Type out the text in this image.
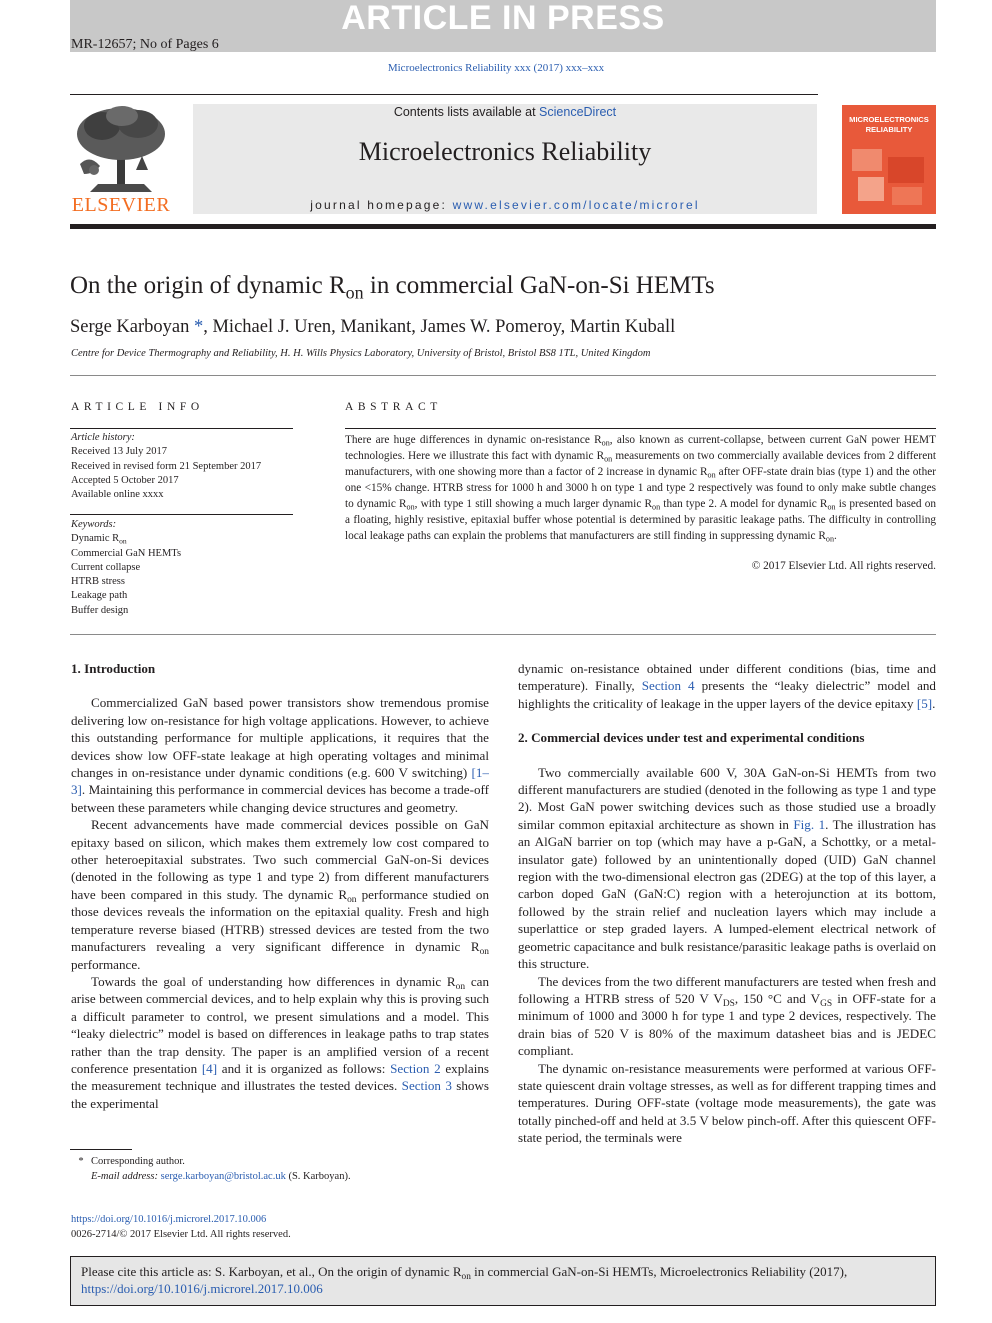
ARTICLE IN PRESS
MR-12657; No of Pages 6
Microelectronics Reliability xxx (2017) xxx–xxx
ELSEVIER
Contents lists available at ScienceDirect
Microelectronics Reliability
journal homepage: www.elsevier.com/locate/microrel
MICROELECTRONICS
RELIABILITY
On the origin of dynamic $R_{on}$ in commercial GaN-on-Si HEMTs
Serge Karboyan *, Michael J. Uren, Manikant, James W. Pomeroy, Martin Kuball
Centre for Device Thermography and Reliability, H. H. Wills Physics Laboratory, University of Bristol, Bristol BS8 1TL, United Kingdom
ARTICLE INFO
Article history:
Received 13 July 2017
Received in revised form 21 September 2017
Accepted 5 October 2017
Available online xxxx
Keywords:
Dynamic $R_{on}$
Commercial GaN HEMTs
Current collapse
HTRB stress
Leakage path
Buffer design
ABSTRACT
There are huge differences in dynamic on-resistance $R_{on}$, also known as current-collapse, between current GaN power HEMT technologies. Here we illustrate this fact with dynamic $R_{on}$ measurements on two commercially available devices from 2 different manufacturers, with one showing more than a factor of 2 increase in dynamic $R_{on}$ after OFF-state drain bias (type 1) and the other one <15% change. HTRB stress for 1000 h and 3000 h on type 1 and type 2 respectively was found to only make subtle changes to dynamic $R_{on}$, with type 1 still showing a much larger dynamic $R_{on}$ than type 2. A model for dynamic $R_{on}$ is presented based on a floating, highly resistive, epitaxial buffer whose potential is determined by parasitic leakage paths. The difficulty in controlling local leakage paths can explain the problems that manufacturers are still finding in suppressing dynamic $R_{on}$.
© 2017 Elsevier Ltd. All rights reserved.
1. Introduction

Commercialized GaN based power transistors show tremendous promise delivering low on-resistance for high voltage applications. However, to achieve this outstanding performance for multiple applications, it requires that the devices show low OFF-state leakage at high operating voltages and minimal changes in on-resistance under dynamic conditions (e.g. 600 V switching) [1–3]. Maintaining this performance in commercial devices has become a trade-off between these parameters while changing device structures and geometry.

Recent advancements have made commercial devices possible on GaN epitaxy based on silicon, which makes them extremely low cost compared to other heteroepitaxial substrates. Two such commercial GaN-on-Si devices (denoted in the following as type 1 and type 2) from different manufacturers have been compared in this study. The dynamic $R_{on}$ performance studied on those devices reveals the information on the epitaxial quality. Fresh and high temperature reverse biased (HTRB) stressed devices are tested from the two manufacturers revealing a very significant difference in dynamic $R_{on}$ performance.

Towards the goal of understanding how differences in dynamic $R_{on}$ can arise between commercial devices, and to help explain why this is proving such a difficult parameter to control, we present simulations and a model. This “leaky dielectric” model is based on differences in leakage paths to trap states rather than the trap density. The paper is an amplified version of a recent conference presentation [4] and it is organized as follows: Section 2 explains the measurement technique and illustrates the tested devices. Section 3 shows the experimental

dynamic on-resistance obtained under different conditions (bias, time and temperature). Finally, Section 4 presents the “leaky dielectric” model and highlights the criticality of leakage in the upper layers of the device epitaxy [5].

2. Commercial devices under test and experimental conditions

Two commercially available 600 V, 30A GaN-on-Si HEMTs from two different manufacturers are studied (denoted in the following as type 1 and type 2). Most GaN power switching devices such as those studied use a broadly similar common epitaxial architecture as shown in Fig. 1. The illustration has an AlGaN barrier on top (which may have a p-GaN, a Schottky, or a metal-insulator gate) followed by an unintentionally doped (UID) GaN channel region with the two-dimensional electron gas (2DEG) at the top of this layer, a carbon doped GaN (GaN:C) region with a heterojunction at its bottom, followed by the strain relief and nucleation layers which may include a superlattice or step graded layers. A lumped-element electrical network of geometric capacitance and bulk resistance/parasitic leakage paths is overlaid on this structure.

The devices from the two different manufacturers are tested when fresh and following a HTRB stress of 520 V $V_{DS}$, 150 °C and $V_{GS}$ in OFF-state for a minimum of 1000 and 3000 h for type 1 and type 2 devices, respectively. The drain bias of 520 V is 80% of the maximum datasheet bias and is JEDEC compliant.

The dynamic on-resistance measurements were performed at various OFF-state quiescent drain voltage stresses, as well as for different trapping times and temperatures. During OFF-state (voltage mode measurements), the gate was totally pinched-off and held at 3.5 V below pinch-off. After this quiescent OFF-state period, the terminals were

* Corresponding author.
E-mail address: serge.karboyan@bristol.ac.uk (S. Karboyan).
https://doi.org/10.1016/j.microrel.2017.10.006
0026-2714/© 2017 Elsevier Ltd. All rights reserved.
Please cite this article as: S. Karboyan, et al., On the origin of dynamic $R_{on}$ in commercial GaN-on-Si HEMTs, Microelectronics Reliability (2017),
https://doi.org/10.1016/j.microrel.2017.10.006
